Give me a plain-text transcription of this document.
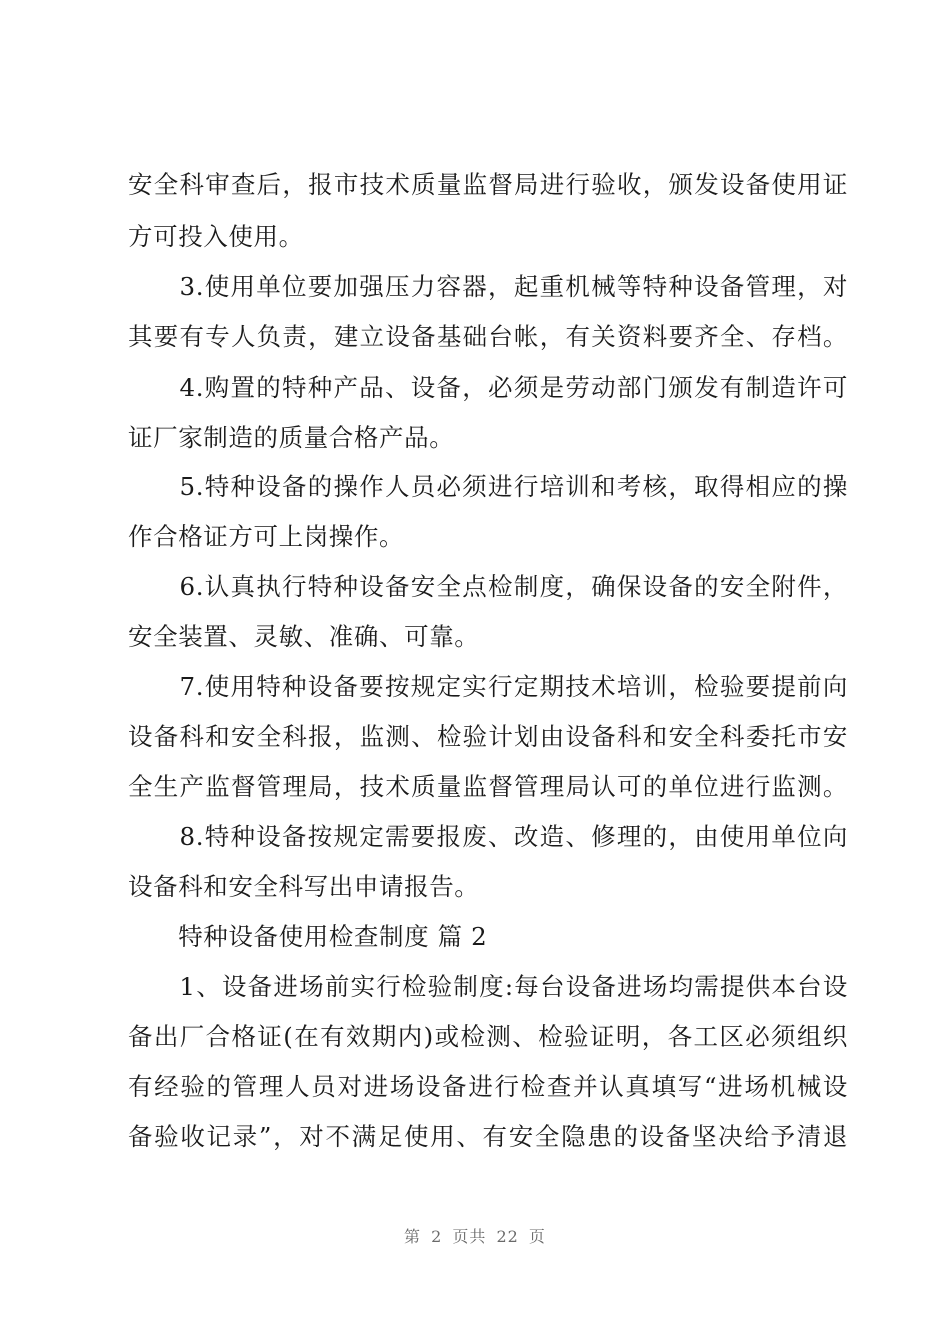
安全科审查后，报市技术质量监督局进行验收，颁发设备使用证
方可投入使用。
　　3.使用单位要加强压力容器，起重机械等特种设备管理，对
其要有专人负责，建立设备基础台帐，有关资料要齐全、存档。
　　4.购置的特种产品、设备，必须是劳动部门颁发有制造许可
证厂家制造的质量合格产品。
　　5.特种设备的操作人员必须进行培训和考核，取得相应的操
作合格证方可上岗操作。
　　6.认真执行特种设备安全点检制度，确保设备的安全附件，
安全装置、灵敏、准确、可靠。
　　7.使用特种设备要按规定实行定期技术培训，检验要提前向
设备科和安全科报，监测、检验计划由设备科和安全科委托市安
全生产监督管理局，技术质量监督管理局认可的单位进行监测。
　　8.特种设备按规定需要报废、改造、修理的，由使用单位向
设备科和安全科写出申请报告。
　　特种设备使用检查制度 篇 2
　　1、设备进场前实行检验制度:每台设备进场均需提供本台设
备出厂合格证(在有效期内)或检测、检验证明，各工区必须组织
有经验的管理人员对进场设备进行检查并认真填写“进场机械设
备验收记录”，对不满足使用、有安全隐患的设备坚决给予清退
第 2 页共 22 页
